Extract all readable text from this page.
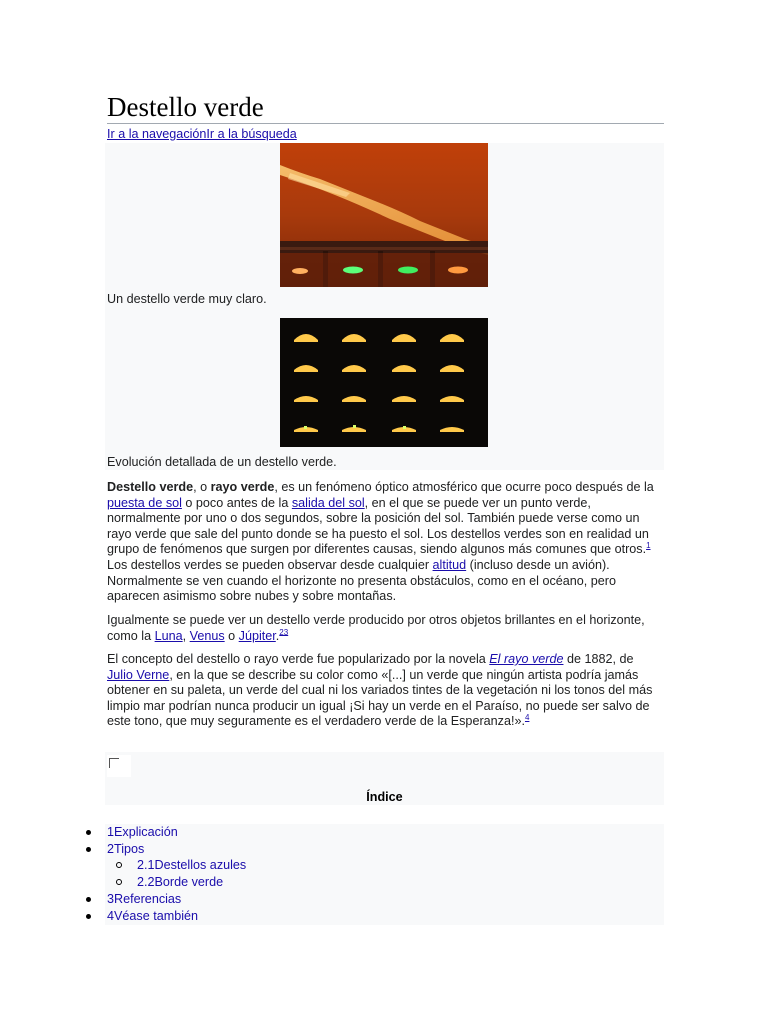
Destello verde
Ir a la navegaciónIr a la búsqueda
Un destello verde muy claro.
Evolución detallada de un destello verde.

Destello verde, o rayo verde, es un fenómeno óptico atmosférico que ocurre poco después de la puesta de sol o poco antes de la salida del sol, en el que se puede ver un punto verde, normalmente por uno o dos segundos, sobre la posición del sol. También puede verse como un rayo verde que sale del punto donde se ha puesto el sol. Los destellos verdes son en realidad un grupo de fenómenos que surgen por diferentes causas, siendo algunos más comunes que otros.$^1$ Los destellos verdes se pueden observar desde cualquier altitud (incluso desde un avión). Normalmente se ven cuando el horizonte no presenta obstáculos, como en el océano, pero aparecen asimismo sobre nubes y sobre montañas.

Igualmente se puede ver un destello verde producido por otros objetos brillantes en el horizonte, como la Luna, Venus o Júpiter.$^{23}$

El concepto del destello o rayo verde fue popularizado por la novela El rayo verde de 1882, de Julio Verne, en la que se describe su color como «[...] un verde que ningún artista podría jamás obtener en su paleta, un verde del cual ni los variados tintes de la vegetación ni los tonos del más limpio mar podrían nunca producir un igual ¡Si hay un verde en el Paraíso, no puede ser salvo de este tono, que muy seguramente es el verdadero verde de la Esperanza!».$^4$

Índice
1Explicación
2Tipos
2.1Destellos azules
2.2Borde verde
3Referencias
4Véase también
